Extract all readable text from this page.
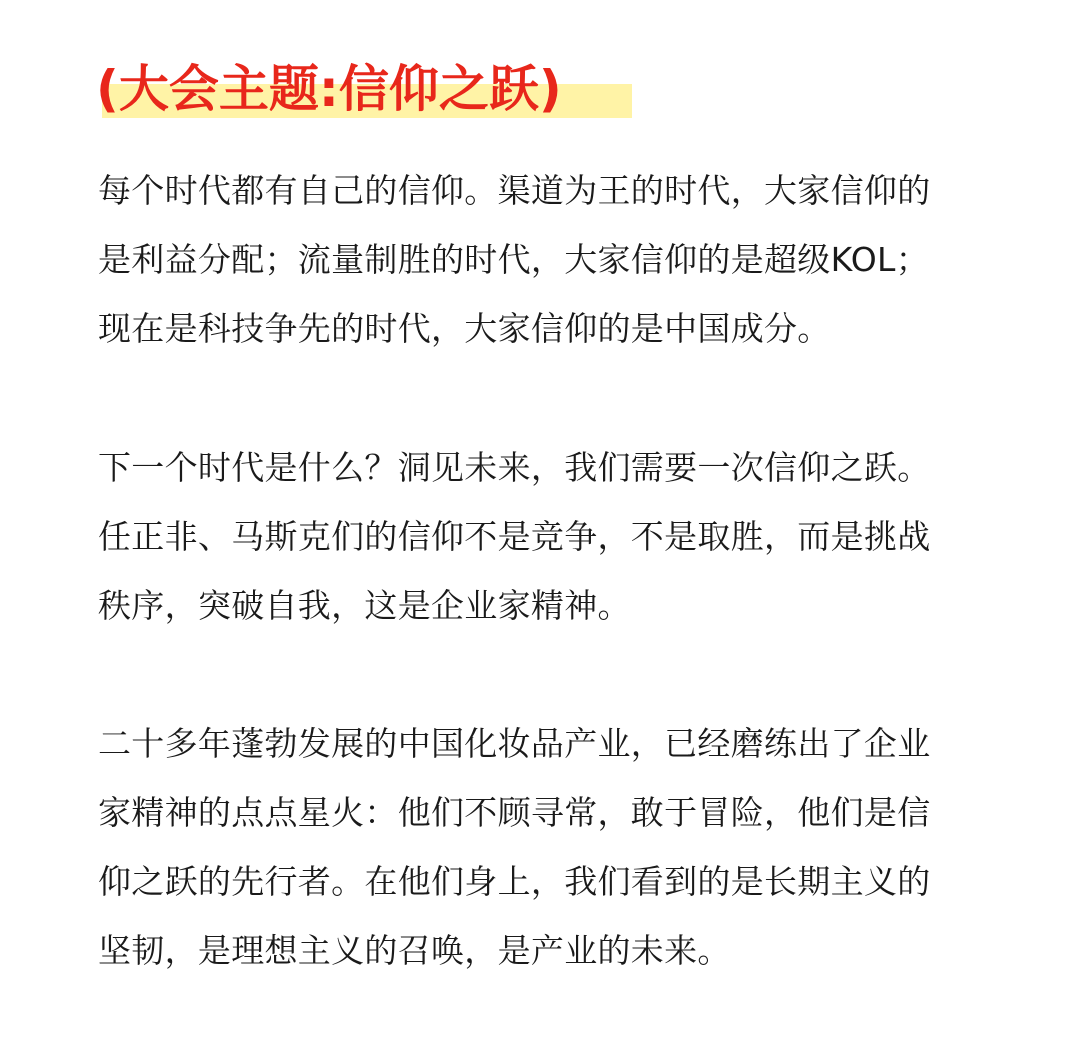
(大会主题:信仰之跃)

每个时代都有自己的信仰。渠道为王的时代，大家信仰的
是利益分配；流量制胜的时代，大家信仰的是超级KOL；
现在是科技争先的时代，大家信仰的是中国成分。

下一个时代是什么？洞见未来，我们需要一次信仰之跃。
任正非、马斯克们的信仰不是竞争，不是取胜，而是挑战
秩序，突破自我，这是企业家精神。

二十多年蓬勃发展的中国化妆品产业，已经磨练出了企业
家精神的点点星火：他们不顾寻常，敢于冒险，他们是信
仰之跃的先行者。在他们身上，我们看到的是长期主义的
坚韧，是理想主义的召唤，是产业的未来。
